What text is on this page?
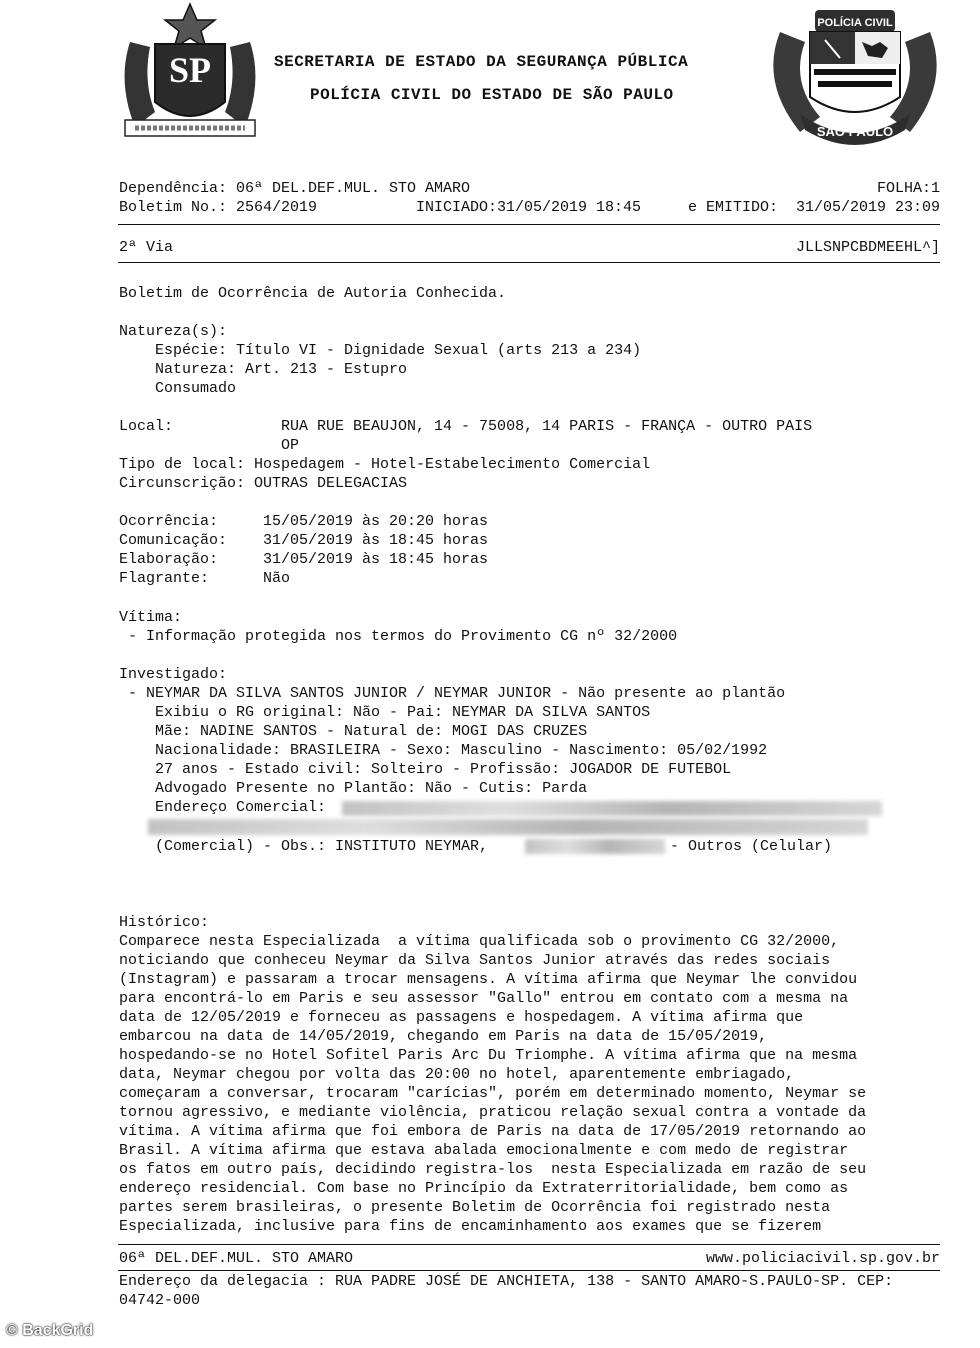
SP	SECRETARIA DE ESTADO DA SEGURANÇA PÚBLICA
POLÍCIA CIVIL DO ESTADO DE SÃO PAULO
POLÍCIA CIVIL
SÃO PAULO
Dependência: 06ª DEL.DEF.MUL. STO AMARO	FOLHA:1
Boletim No.: 2564/2019	INICIADO:31/05/2019 18:45	e EMITIDO:  31/05/2019 23:09
2ª Via	JLLSNPCBDMEEHL^]
Boletim de Ocorrência de Autoria Conhecida.
Natureza(s):
Espécie: Título VI - Dignidade Sexual (arts 213 a 234)
Natureza: Art. 213 - Estupro
Consumado
Local:            RUA RUE BEAUJON, 14 - 75008, 14 PARIS - FRANÇA - OUTRO PAIS
OP
Tipo de local: Hospedagem - Hotel-Estabelecimento Comercial
Circunscrição: OUTRAS DELEGACIAS
Ocorrência:     15/05/2019 às 20:20 horas
Comunicação:    31/05/2019 às 18:45 horas
Elaboração:     31/05/2019 às 18:45 horas
Flagrante:      Não
Vítima:
- Informação protegida nos termos do Provimento CG nº 32/2000
Investigado:
- NEYMAR DA SILVA SANTOS JUNIOR / NEYMAR JUNIOR - Não presente ao plantão
Exibiu o RG original: Não - Pai: NEYMAR DA SILVA SANTOS
Mãe: NADINE SANTOS - Natural de: MOGI DAS CRUZES
Nacionalidade: BRASILEIRA - Sexo: Masculino - Nascimento: 05/02/1992
27 anos - Estado civil: Solteiro - Profissão: JOGADOR DE FUTEBOL
Advogado Presente no Plantão: Não - Cutis: Parda
Endereço Comercial:
(Comercial) - Obs.: INSTITUTO NEYMAR,	- Outros (Celular)
Histórico:
Comparece nesta Especializada  a vítima qualificada sob o provimento CG 32/2000,
noticiando que conheceu Neymar da Silva Santos Junior através das redes sociais
(Instagram) e passaram a trocar mensagens. A vítima afirma que Neymar lhe convidou
para encontrá-lo em Paris e seu assessor "Gallo" entrou em contato com a mesma na
data de 12/05/2019 e forneceu as passagens e hospedagem. A vítima afirma que
embarcou na data de 14/05/2019, chegando em Paris na data de 15/05/2019,
hospedando-se no Hotel Sofitel Paris Arc Du Triomphe. A vítima afirma que na mesma
data, Neymar chegou por volta das 20:00 no hotel, aparentemente embriagado,
começaram a conversar, trocaram "carícias", porém em determinado momento, Neymar se
tornou agressivo, e mediante violência, praticou relação sexual contra a vontade da
vítima. A vítima afirma que foi embora de Paris na data de 17/05/2019 retornando ao
Brasil. A vítima afirma que estava abalada emocionalmente e com medo de registrar
os fatos em outro país, decidindo registra-los  nesta Especializada em razão de seu
endereço residencial. Com base no Princípio da Extraterritorialidade, bem como as
partes serem brasileiras, o presente Boletim de Ocorrência foi registrado nesta
Especializada, inclusive para fins de encaminhamento aos exames que se fizerem
06ª DEL.DEF.MUL. STO AMARO	www.policiacivil.sp.gov.br
Endereço da delegacia : RUA PADRE JOSÉ DE ANCHIETA, 138 - SANTO AMARO-S.PAULO-SP. CEP:
04742-000
© BackGrid
